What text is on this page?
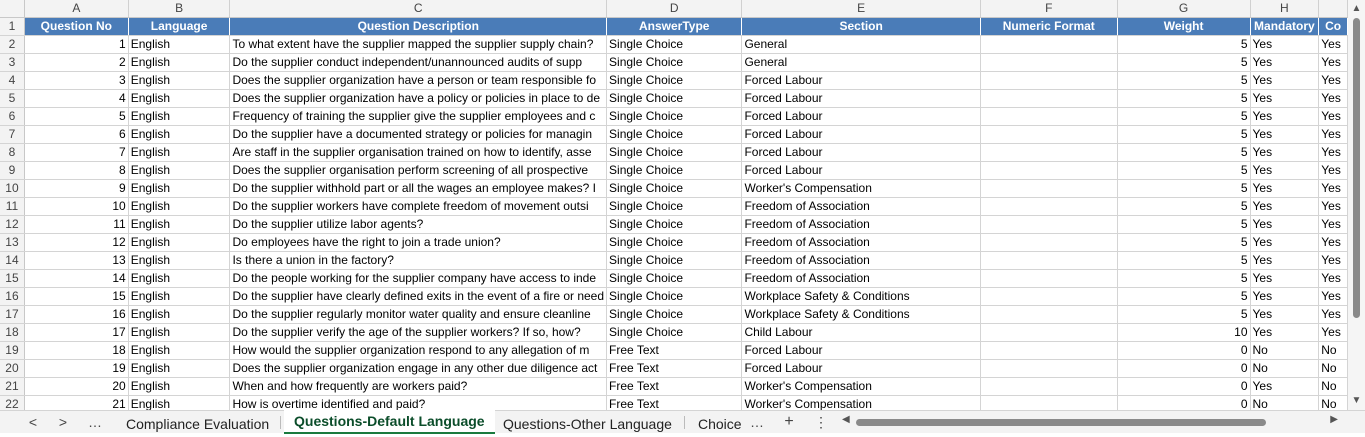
	A	B	C	D	E	F	G	H	
1	Question No	Language	Question Description	AnswerType	Section	Numeric Format	Weight	Mandatory	Co
2	1	English	To what extent have the supplier mapped the supplier supply chain?	Single Choice	General		5	Yes	Yes
3	2	English	Do the supplier conduct independent/unannounced audits of supp	Single Choice	General		5	Yes	Yes
4	3	English	Does the supplier organization have a person or team responsible fo	Single Choice	Forced Labour		5	Yes	Yes
5	4	English	Does the supplier organization have a policy or policies in place to de	Single Choice	Forced Labour		5	Yes	Yes
6	5	English	Frequency of training the supplier give the supplier employees and c	Single Choice	Forced Labour		5	Yes	Yes
7	6	English	Do the supplier have a documented strategy or policies for managin	Single Choice	Forced Labour		5	Yes	Yes
8	7	English	Are staff in the supplier organisation trained on how to identify, asse	Single Choice	Forced Labour		5	Yes	Yes
9	8	English	Does the supplier organisation perform screening of all prospective	Single Choice	Forced Labour		5	Yes	Yes
10	9	English	Do the supplier withhold part or all the wages an employee makes? I	Single Choice	Worker's Compensation		5	Yes	Yes
11	10	English	Do the supplier workers have complete freedom of movement outsi	Single Choice	Freedom of Association		5	Yes	Yes
12	11	English	Do the supplier utilize labor agents?	Single Choice	Freedom of Association		5	Yes	Yes
13	12	English	Do employees have the right to join a trade union?	Single Choice	Freedom of Association		5	Yes	Yes
14	13	English	Is there a union in the factory?	Single Choice	Freedom of Association		5	Yes	Yes
15	14	English	Do the people working for the supplier company have access to inde	Single Choice	Freedom of Association		5	Yes	Yes
16	15	English	Do the supplier have clearly defined exits in the event of a fire or need	Single Choice	Workplace Safety & Conditions		5	Yes	Yes
17	16	English	Do the supplier regularly monitor water quality and ensure cleanline	Single Choice	Workplace Safety & Conditions		5	Yes	Yes
18	17	English	Do the supplier verify the age of the supplier workers? If so, how?	Single Choice	Child Labour		10	Yes	Yes
19	18	English	How would the supplier organization respond to any allegation of m	Free Text	Forced Labour		0	No	No
20	19	English	Does the supplier organization engage in any other due diligence act	Free Text	Forced Labour		0	No	No
21	20	English	When and how frequently are workers paid?	Free Text	Worker's Compensation		0	Yes	No
22	21	English	How is overtime identified and paid?	Free Text	Worker's Compensation		0	No	No
▲
▼
<	>	…	Compliance Evaluation	Questions-Default Language	Questions-Other Language	Choice …	+	⋮	◀	▶
